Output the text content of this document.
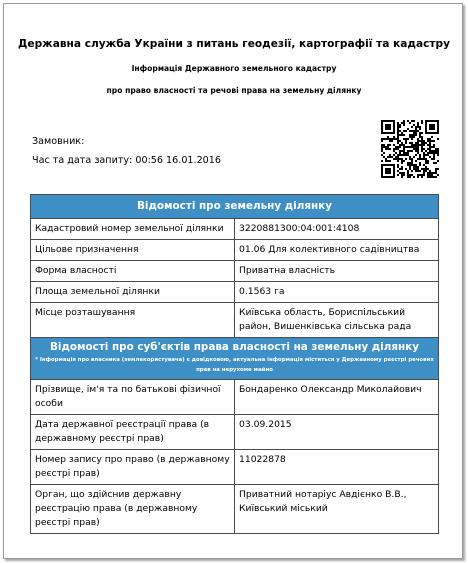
Державна служба України з питань геодезії, картографії та кадастру
Інформація Державного земельного кадастру
про право власності та речові права на земельну ділянку
Замовник:
Час та дата запиту: 00:56 16.01.2016
Відомості про земельну ділянку	
Кадастровий номер земельної ділянки	3220881300:04:001:4108
Цільове призначення	01.06 Для колективного садівництва
Форма власності	Приватна власність
Площа земельної ділянки	0.1563 га
Місце розташування	Київська область, Бориспільський район, Вишенківська сільська рада

Відомості про суб'єктів права власності на земельну ділянку
* Інформація про власника (землекористувача) є довідковою, актуальна інформація міститься у Державному реєстрі речових прав на нерухоме майно	

Прізвище, ім'я та по батькові фізичної особи	Бондаренко Олександр Миколайович
Дата державної реєстрації права (в державному реєстрі прав)	03.09.2015
Номер запису про право (в державному реєстрі прав)	11022878
Орган, що здійснив державну реєстрацію права (в державному реєстрі прав)	Приватний нотаріус Авдієнко В.В., Київський міський
